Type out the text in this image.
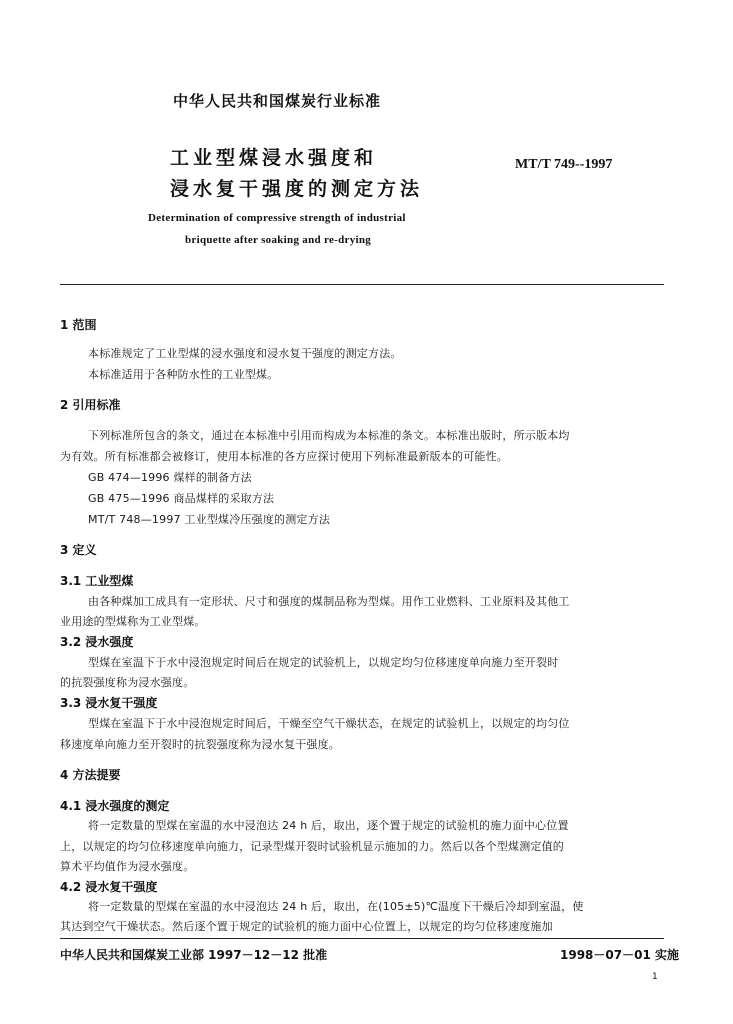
中华人民共和国煤炭行业标准
工业型煤浸水强度和
浸水复干强度的测定方法
MT/T 749--1997
Determination of compressive strength of industrial
briquette after soaking and re-drying
1 范围
本标准规定了工业型煤的浸水强度和浸水复干强度的测定方法。
本标准适用于各种防水性的工业型煤。
2 引用标准
下列标准所包含的条文，通过在本标准中引用而构成为本标准的条文。本标准出版时，所示版本均
为有效。所有标准都会被修订，使用本标准的各方应探讨使用下列标准最新版本的可能性。
GB 474—1996 煤样的制备方法
GB 475—1996 商品煤样的采取方法
MT/T 748—1997 工业型煤冷压强度的测定方法
3 定义
3.1 工业型煤
由各种煤加工成具有一定形状、尺寸和强度的煤制品称为型煤。用作工业燃料、工业原料及其他工
业用途的型煤称为工业型煤。
3.2 浸水强度
型煤在室温下于水中浸泡规定时间后在规定的试验机上，以规定均匀位移速度单向施力至开裂时
的抗裂强度称为浸水强度。
3.3 浸水复干强度
型煤在室温下于水中浸泡规定时间后，干燥至空气干燥状态，在规定的试验机上，以规定的均匀位
移速度单向施力至开裂时的抗裂强度称为浸水复干强度。
4 方法提要
4.1 浸水强度的测定
将一定数量的型煤在室温的水中浸泡达 24 h 后，取出，逐个置于规定的试验机的施力面中心位置
上，以规定的均匀位移速度单向施力，记录型煤开裂时试验机显示施加的力。然后以各个型煤测定值的
算术平均值作为浸水强度。
4.2 浸水复干强度
将一定数量的型煤在室温的水中浸泡达 24 h 后，取出，在(105±5)℃温度下干燥后冷却到室温，使
其达到空气干燥状态。然后逐个置于规定的试验机的施力面中心位置上，以规定的均匀位移速度施加
中华人民共和国煤炭工业部 1997－12－12 批准	1998－07－01 实施
1
